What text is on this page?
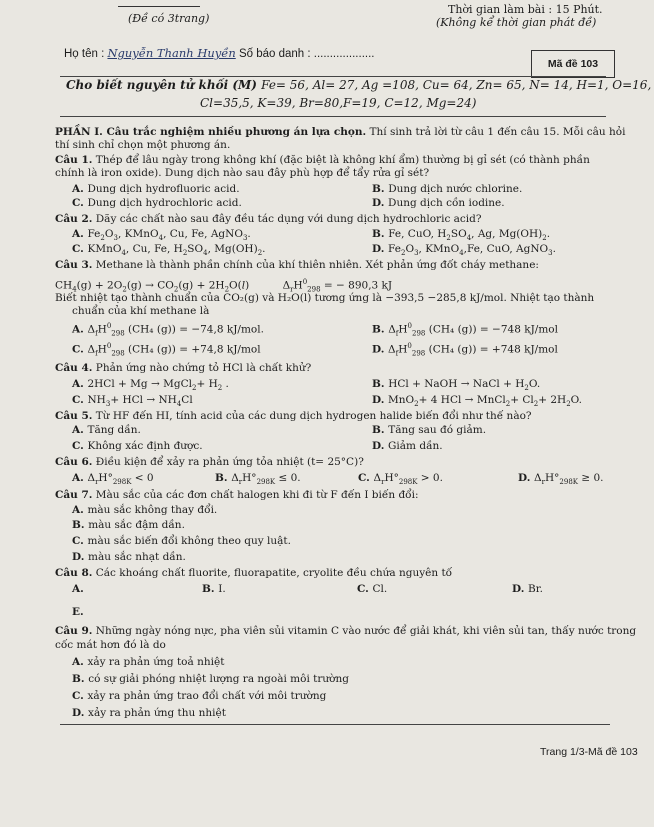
(Đề có 3trang)
Thời gian làm bài : 15 Phút.
(Không kể thời gian phát đề)
Họ tên : Nguyễn Thanh Huyền Số báo danh : ...................
Mã đề 103
Cho biết nguyên tử khối (M) Fe= 56, Al= 27, Ag =108, Cu= 64, Zn= 65, N= 14, H=1, O=16,
Cl=35,5, K=39, Br=80,F=19, C=12, Mg=24)
PHẦN I. Câu trắc nghiệm nhiều phương án lựa chọn. Thí sinh trả lời từ câu 1 đến câu 15. Mỗi câu hỏi
thí sinh chỉ chọn một phương án.
Câu 1. Thép để lâu ngày trong không khí (đặc biệt là không khí ẩm) thường bị gỉ sét (có thành phần
chính là iron oxide). Dung dịch nào sau đây phù hợp để tẩy rửa gỉ sét?
A. Dung dịch hydrofluoric acid.	B. Dung dịch nước chlorine.
C. Dung dịch hydrochloric acid.	D. Dung dịch cồn iodine.
Câu 2. Dãy các chất nào sau đây đều tác dụng với dung dịch hydrochloric acid?
A. $Fe_2O_3$, KMnO$_4$, Cu, Fe, AgNO$_3$.	B. Fe, CuO, $H_2SO_4$, Ag, $Mg(OH)_2$.
C. KMnO$_4$, Cu, Fe, $H_2SO_4$, $Mg(OH)_2$.	D. $Fe_2O_3$, KMnO$_4$,Fe, CuO, AgNO$_3$.
Câu 3. Methane là thành phần chính của khí thiên nhiên. Xét phản ứng đốt cháy methane:
$CH_4(g) + 2O_2(g) \to CO_2(g) + 2H_2O(l)$          $\Delta_rH^0_{298}$ = − 890,3 kJ
Biết nhiệt tạo thành chuẩn của CO₂(g) và H₂O(l) tương ứng là −393,5 −285,8 kJ/mol. Nhiệt tạo thành
chuẩn của khí methane là
A. $\Delta_fH^0_{298}$ (CH₄ (g)) = −74,8 kJ/mol.	B. $\Delta_fH^0_{298}$ (CH₄ (g)) = −748 kJ/mol
C. $\Delta_fH^0_{298}$ (CH₄ (g)) = +74,8 kJ/mol	D. $\Delta_fH^0_{298}$ (CH₄ (g)) = +748 kJ/mol
Câu 4. Phản ứng nào chứng tỏ HCl là chất khử?
A. 2HCl + Mg → MgCl$_2$+ $H_2$ .	B. HCl + NaOH → NaCl + $H_2O$.
C. $NH_3+$ HCl → $NH_4Cl$	D. MnO$_2$+ 4 HCl → MnCl$_2$+ $Cl_2+ 2H_2O$.
Câu 5. Từ HF đến HI, tính acid của các dung dịch hydrogen halide biến đổi như thế nào?
A. Tăng dần.	B. Tăng sau đó giảm.
C. Không xác định được.	D. Giảm dần.
Câu 6. Điều kiện để xảy ra phản ứng tỏa nhiệt (t= 25°C)?
A. $\Delta_rH^\circ_{298K} < 0$	B. $\Delta_rH^\circ_{298K} \le 0$.	C. $\Delta_rH^\circ_{298K} > 0$.	D. $\Delta_rH^\circ_{298K} \ge 0$.
Câu 7. Màu sắc của các đơn chất halogen khi đi từ F đến I biến đổi:
A. màu sắc không thay đổi.
B. màu sắc đậm dần.
C. màu sắc biến đổi không theo quy luật.
D. màu sắc nhạt dần.
Câu 8. Các khoáng chất fluorite, fluorapatite, cryolite đều chứa nguyên tố
A.	B. I.	C. Cl.	D. Br.
E.
Câu 9. Những ngày nóng nực, pha viên sủi vitamin C vào nước để giải khát, khi viên sủi tan, thấy nước trong
cốc mát hơn đó là do
A. xảy ra phản ứng toả nhiệt
B. có sự giải phóng nhiệt lượng ra ngoài môi trường
C. xảy ra phản ứng trao đổi chất với môi trường
D. xảy ra phản ứng thu nhiệt
Trang 1/3-Mã đề 103
